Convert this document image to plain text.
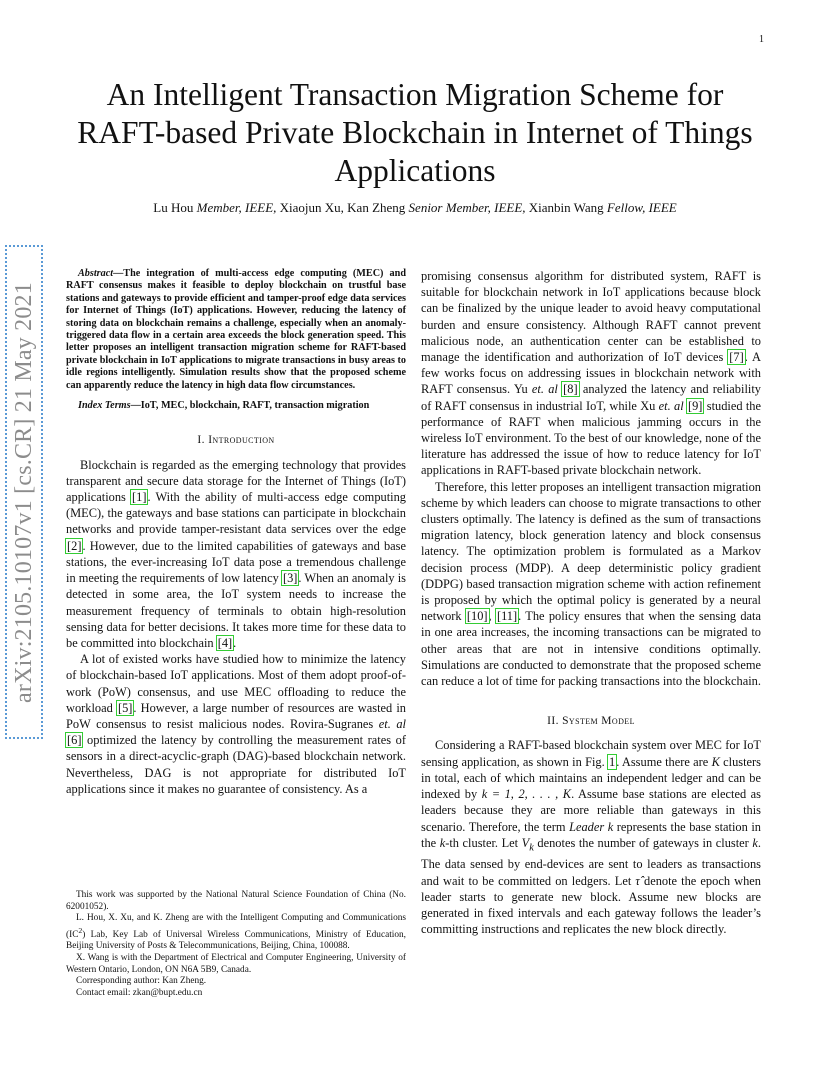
1
arXiv:2105.10107v1 [cs.CR] 21 May 2021
An Intelligent Transaction Migration Scheme for RAFT-based Private Blockchain in Internet of Things Applications

Lu Hou Member, IEEE, Xiaojun Xu, Kan Zheng Senior Member, IEEE, Xianbin Wang Fellow, IEEE

Abstract—The integration of multi-access edge computing (MEC) and RAFT consensus makes it feasible to deploy blockchain on trustful base stations and gateways to provide efficient and tamper-proof edge data services for Internet of Things (IoT) applications. However, reducing the latency of storing data on blockchain remains a challenge, especially when an anomaly-triggered data flow in a certain area exceeds the block generation speed. This letter proposes an intelligent transaction migration scheme for RAFT-based private blockchain in IoT applications to migrate transactions in busy areas to idle regions intelligently. Simulation results show that the proposed scheme can apparently reduce the latency in high data flow circumstances.

Index Terms—IoT, MEC, blockchain, RAFT, transaction migration

I. Introduction

Blockchain is regarded as the emerging technology that provides transparent and secure data storage for the Internet of Things (IoT) applications [1]. With the ability of multi-access edge computing (MEC), the gateways and base stations can participate in blockchain networks and provide tamper-resistant data services over the edge [2]. However, due to the limited capabilities of gateways and base stations, the ever-increasing IoT data pose a tremendous challenge in meeting the requirements of low latency [3]. When an anomaly is detected in some area, the IoT system needs to increase the measurement frequency of terminals to obtain high-resolution sensing data for better decisions. It takes more time for these data to be committed into blockchain [4].

A lot of existed works have studied how to minimize the latency of blockchain-based IoT applications. Most of them adopt proof-of-work (PoW) consensus, and use MEC offloading to reduce the workload [5]. However, a large number of resources are wasted in PoW consensus to resist malicious nodes. Rovira-Sugranes et. al [6] optimized the latency by controlling the measurement rates of sensors in a direct-acyclic-graph (DAG)-based blockchain network. Nevertheless, DAG is not appropriate for distributed IoT applications since it makes no guarantee of consistency. As a

This work was supported by the National Natural Science Foundation of China (No. 62001052).

L. Hou, X. Xu, and K. Zheng are with the Intelligent Computing and Communications $(IC^2)$ Lab, Key Lab of Universal Wireless Communications, Ministry of Education, Beijing University of Posts & Telecommunications, Beijing, China, 100088.

X. Wang is with the Department of Electrical and Computer Engineering, University of Western Ontario, London, ON N6A 5B9, Canada.

Corresponding author: Kan Zheng.

Contact email: zkan@bupt.edu.cn

promising consensus algorithm for distributed system, RAFT is suitable for blockchain network in IoT applications because block can be finalized by the unique leader to avoid heavy computational burden and ensure consistency. Although RAFT cannot prevent malicious node, an authentication center can be established to manage the identification and authorization of IoT devices [7]. A few works focus on addressing issues in blockchain network with RAFT consensus. Yu et. al [8] analyzed the latency and reliability of RAFT consensus in industrial IoT, while Xu et. al [9] studied the performance of RAFT when malicious jamming occurs in the wireless IoT environment. To the best of our knowledge, none of the literature has addressed the issue of how to reduce latency for IoT applications in RAFT-based private blockchain network.

Therefore, this letter proposes an intelligent transaction migration scheme by which leaders can choose to migrate transactions to other clusters optimally. The latency is defined as the sum of transactions migration latency, block generation latency and block consensus latency. The optimization problem is formulated as a Markov decision process (MDP). A deep deterministic policy gradient (DDPG) based transaction migration scheme with action refinement is proposed by which the optimal policy is generated by a neural network [10], [11]. The policy ensures that when the sensing data in one area increases, the incoming transactions can be migrated to other areas that are not in intensive conditions optimally. Simulations are conducted to demonstrate that the proposed scheme can reduce a lot of time for packing transactions into the blockchain.

II. System Model

Considering a RAFT-based blockchain system over MEC for IoT sensing application, as shown in Fig. 1. Assume there are K clusters in total, each of which maintains an independent ledger and can be indexed by k = 1, 2, . . . , K. Assume base stations are elected as leaders because they are more reliable than gateways in this scenario. Therefore, the term Leader k represents the base station in the k-th cluster. Let $V_k$ denotes the number of gateways in cluster k. The data sensed by end-devices are sent to leaders as transactions and wait to be committed on ledgers. Let τ̂ denote the epoch when leader starts to generate new block. Assume new blocks are generated in fixed intervals and each gateway follows the leader’s committing instructions and replicates the new block directly.
